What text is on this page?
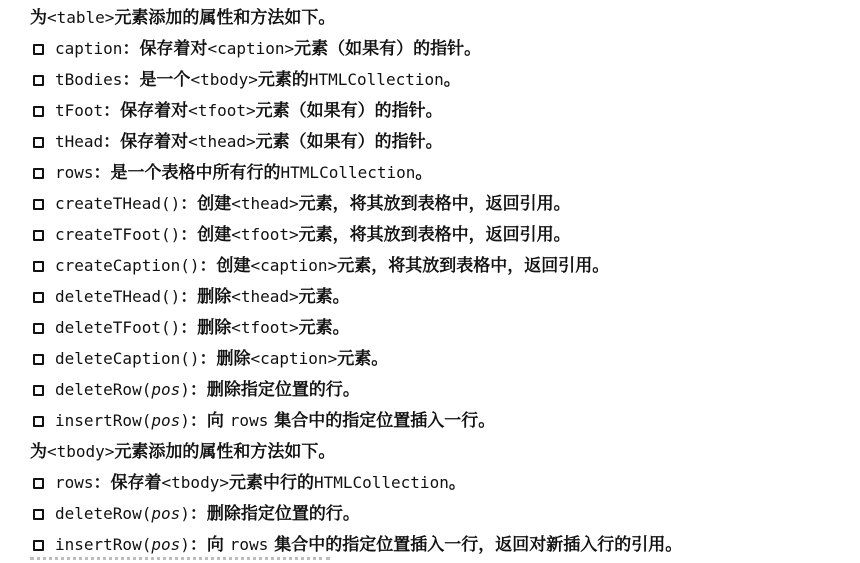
为<table>元素添加的属性和方法如下。
caption：保存着对<caption>元素（如果有）的指针。
tBodies：是一个<tbody>元素的HTMLCollection。
tFoot：保存着对<tfoot>元素（如果有）的指针。
tHead：保存着对<thead>元素（如果有）的指针。
rows：是一个表格中所有行的HTMLCollection。
createTHead()：创建<thead>元素，将其放到表格中，返回引用。
createTFoot()：创建<tfoot>元素，将其放到表格中，返回引用。
createCaption()：创建<caption>元素，将其放到表格中，返回引用。
deleteTHead()：删除<thead>元素。
deleteTFoot()：删除<tfoot>元素。
deleteCaption()：删除<caption>元素。
deleteRow(pos)：删除指定位置的行。
insertRow(pos)：向 rows 集合中的指定位置插入一行。
为<tbody>元素添加的属性和方法如下。
rows：保存着<tbody>元素中行的HTMLCollection。
deleteRow(pos)：删除指定位置的行。
insertRow(pos)：向 rows 集合中的指定位置插入一行，返回对新插入行的引用。
